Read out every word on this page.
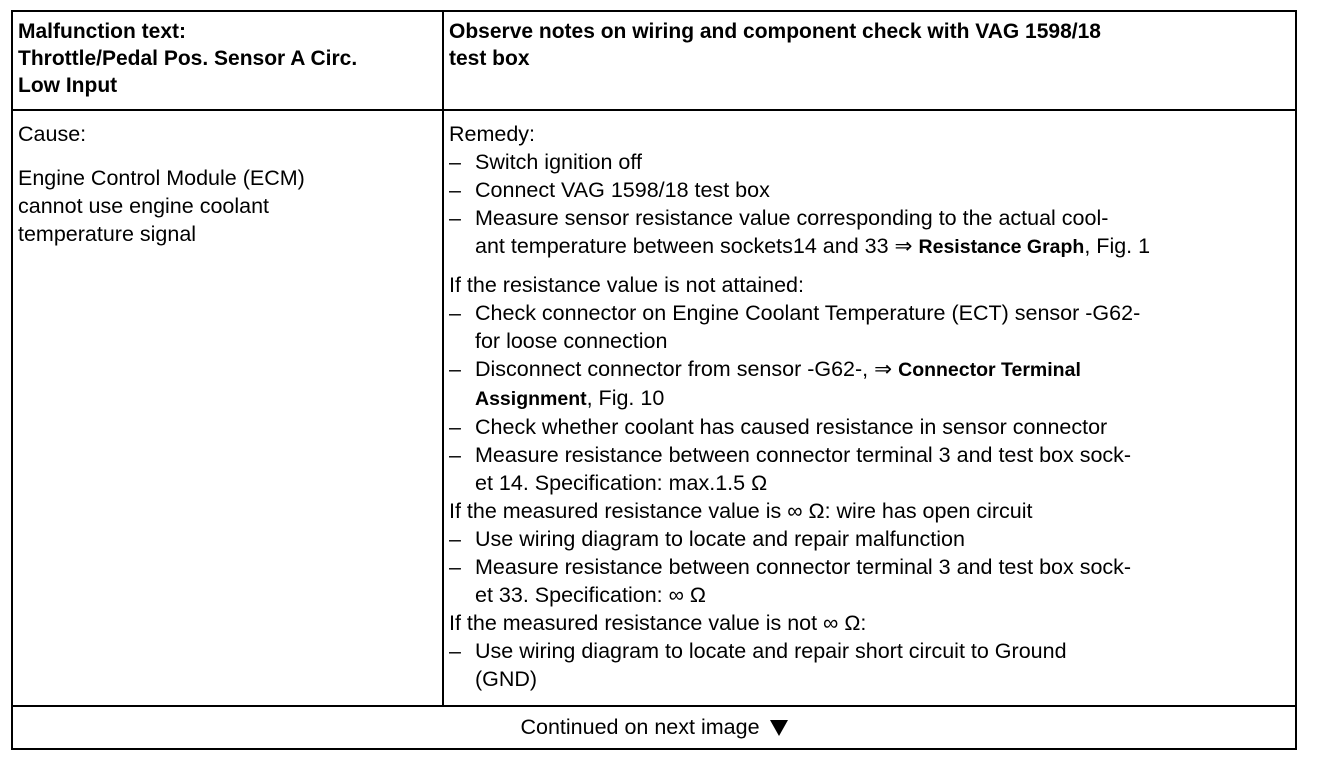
Malfunction text:
Throttle/Pedal Pos. Sensor A Circ.
Low Input
Observe notes on wiring and component check with VAG 1598/18
test box
Cause:
Engine Control Module (ECM)
cannot use engine coolant
temperature signal
Remedy:
– Switch ignition off
– Connect VAG 1598/18 test box
– Measure sensor resistance value corresponding to the actual cool-
ant temperature between sockets14 and 33 ⇒ Resistance Graph, Fig. 1
If the resistance value is not attained:
– Check connector on Engine Coolant Temperature (ECT) sensor -G62-
for loose connection
– Disconnect connector from sensor -G62-, ⇒ Connector Terminal
Assignment, Fig. 10
– Check whether coolant has caused resistance in sensor connector
– Measure resistance between connector terminal 3 and test box sock-
et 14. Specification: max.1.5 Ω
If the measured resistance value is ∞ Ω: wire has open circuit
– Use wiring diagram to locate and repair malfunction
– Measure resistance between connector terminal 3 and test box sock-
et 33. Specification: ∞ Ω
If the measured resistance value is not ∞ Ω:
– Use wiring diagram to locate and repair short circuit to Ground
(GND)
Continued on next image
